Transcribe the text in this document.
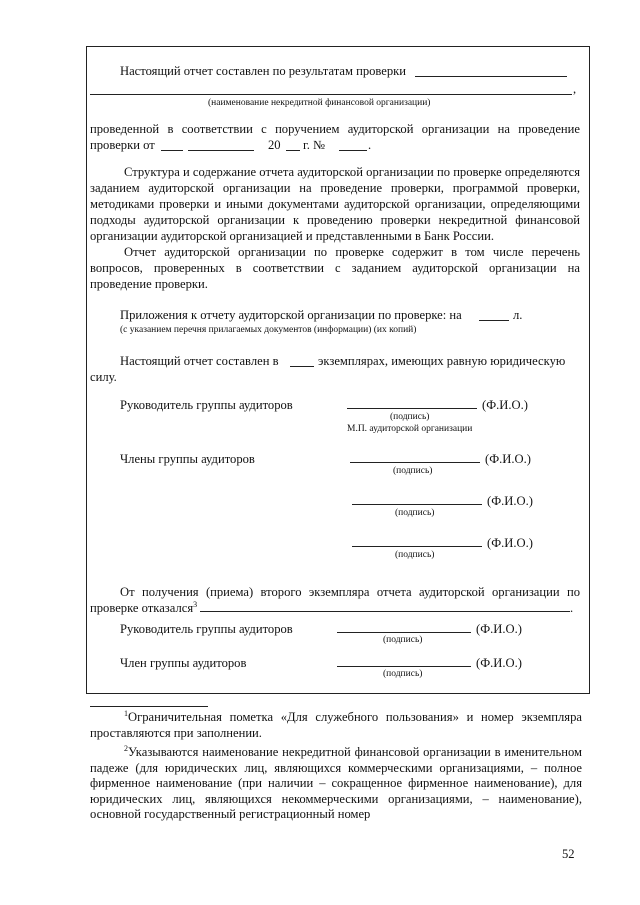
Настоящий отчет составлен по результатам проверки
,
(наименование некредитной финансовой организации)
проведенной в соответствии с поручением аудиторской организации на проведение
проверки от	20 г. №	.

Структура и содержание отчета аудиторской организации по проверке определяются заданием аудиторской организации на проведение проверки, программой проверки, методиками проверки и иными документами аудиторской организации, определяющими подходы аудиторской организации к проведению проверки некредитной финансовой организации аудиторской организацией и представленными в Банк России.

Отчет аудиторской организации по проверке содержит в том числе перечень вопросов, проверенных в соответствии с заданием аудиторской организации на проведение проверки.

Приложения к отчету аудиторской организации по проверке: на	л.
(с указанием перечня прилагаемых документов (информации) (их копий)
Настоящий отчет составлен в	экземплярах, имеющих равную юридическую
силу.
Руководитель группы аудиторов	(Ф.И.О.)
(подпись)
М.П. аудиторской организации
Члены группы аудиторов	(Ф.И.О.)
(подпись)
(Ф.И.О.)
(подпись)
(Ф.И.О.)
(подпись)
От получения (приема) второго экземпляра отчета аудиторской организации по
проверке отказался$^3$	.
Руководитель группы аудиторов	(Ф.И.О.)
(подпись)
Член группы аудиторов	(Ф.И.О.)
(подпись)

$^1$Ограничительная пометка «Для служебного пользования» и номер экземпляра проставляются при заполнении.

$^2$Указываются наименование некредитной финансовой организации в именительном падеже (для юридических лиц, являющихся коммерческими организациями, – полное фирменное наименование (при наличии – сокращенное фирменное наименование), для юридических лиц, являющихся некоммерческими организациями, – наименование), основной государственный регистрационный номер

52
